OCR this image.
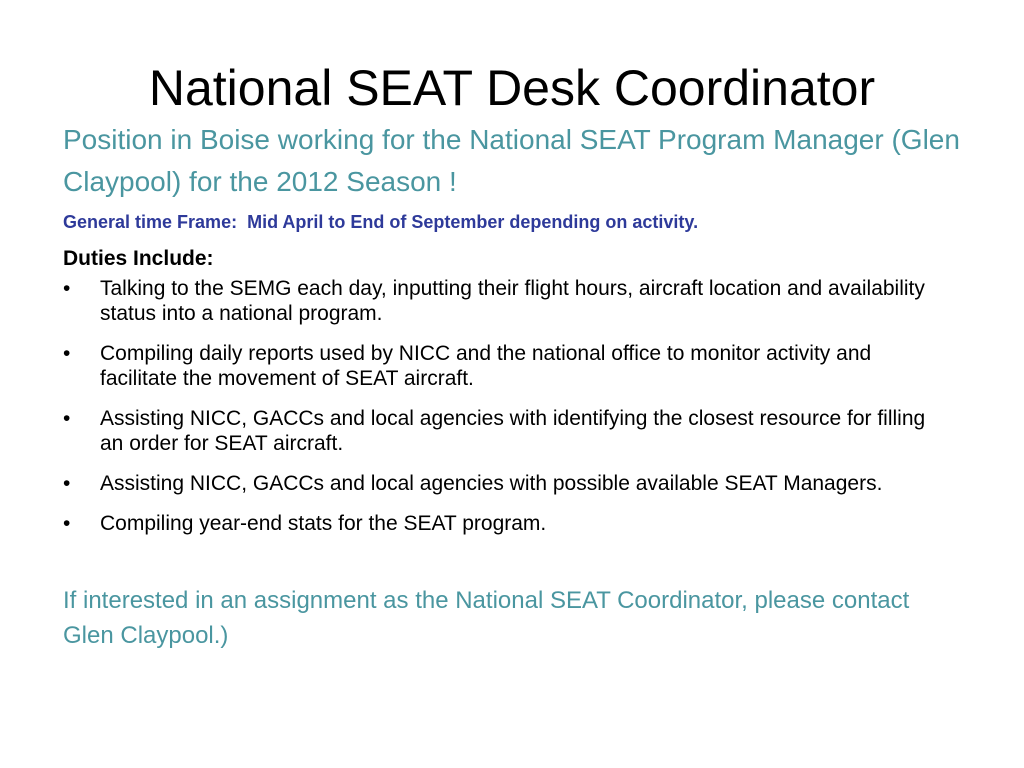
National SEAT Desk Coordinator
Position in Boise working for the National SEAT Program Manager (Glen Claypool) for the 2012 Season !
General time Frame:  Mid April to End of September depending on activity.
Duties Include:
•	Talking to the SEMG each day, inputting their flight hours, aircraft location and availability status into a national program.
•	Compiling daily reports used by NICC and the national office to monitor activity and facilitate the movement of SEAT aircraft.
•	Assisting NICC, GACCs and local agencies with identifying the closest resource for filling an order for SEAT aircraft.
•	Assisting NICC, GACCs and local agencies with possible available SEAT Managers.
•	Compiling year-end stats for the SEAT program.
If interested in an assignment as the National SEAT Coordinator, please contact Glen Claypool.)
